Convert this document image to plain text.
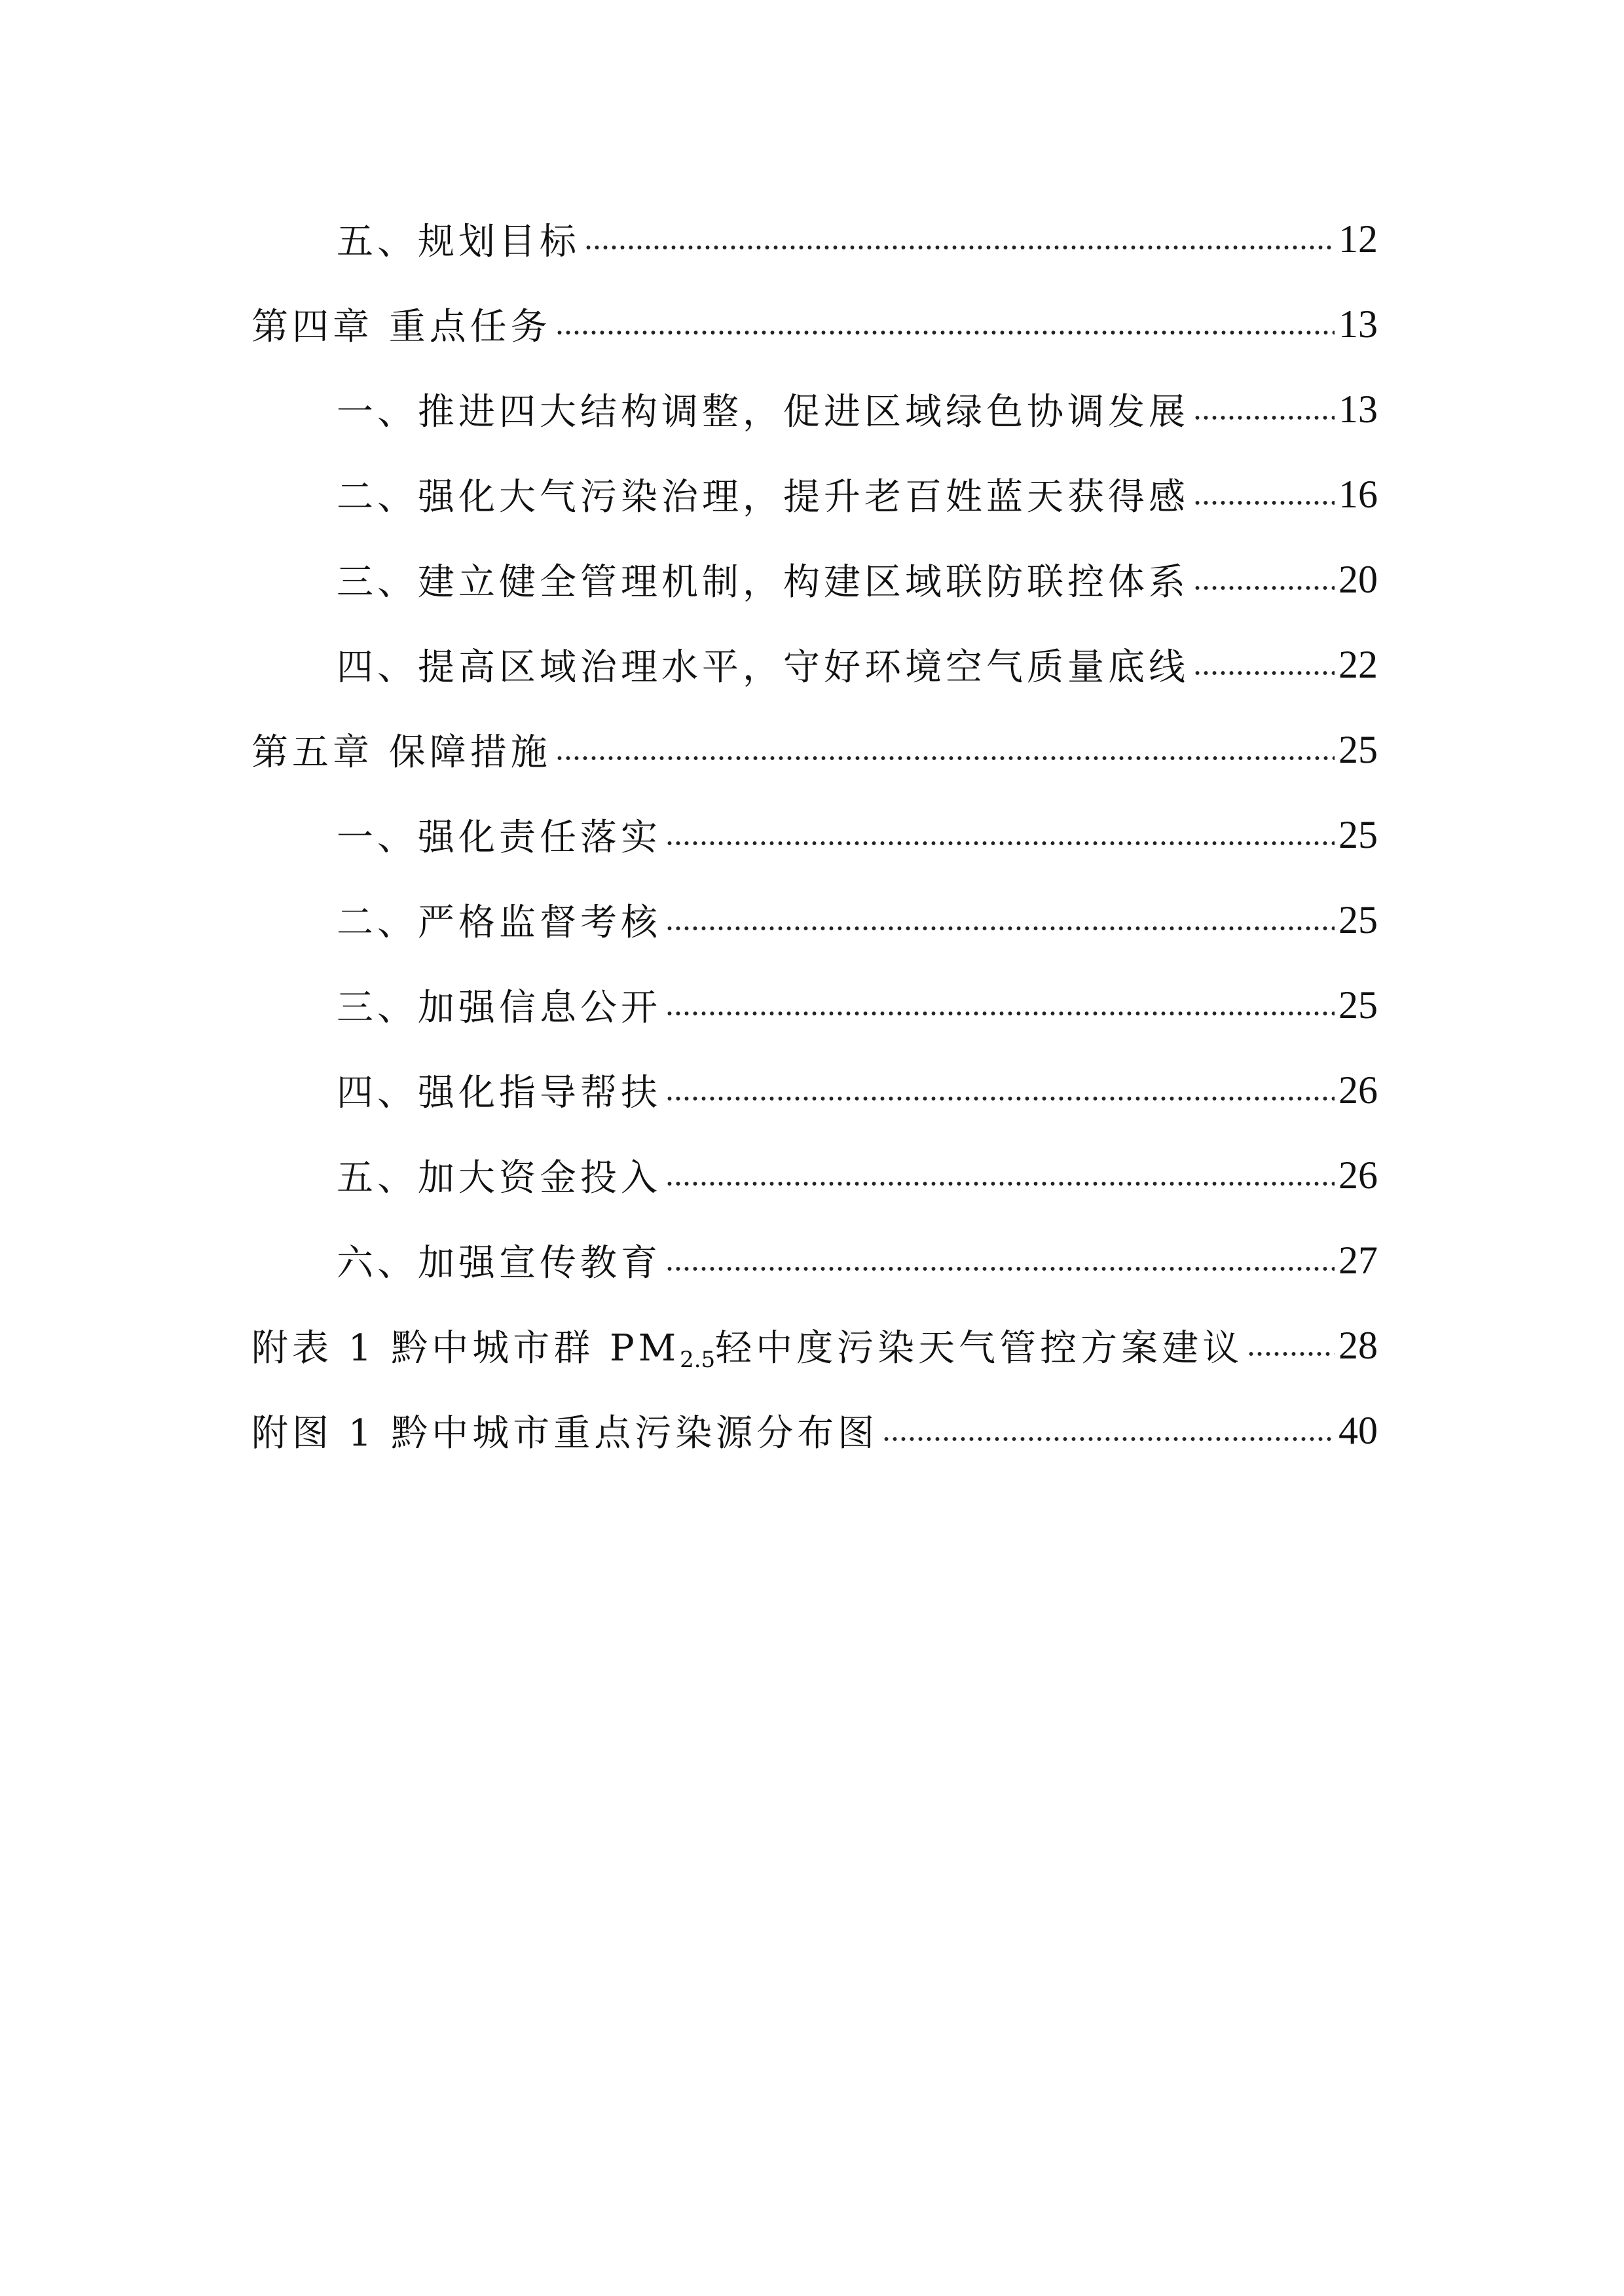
五、规划目标	12
第四章 重点任务	13
一、推进四大结构调整，促进区域绿色协调发展	13
二、强化大气污染治理，提升老百姓蓝天获得感	16
三、建立健全管理机制，构建区域联防联控体系	20
四、提高区域治理水平，守好环境空气质量底线	22
第五章 保障措施	25
一、强化责任落实	25
二、严格监督考核	25
三、加强信息公开	25
四、强化指导帮扶	26
五、加大资金投入	26
六、加强宣传教育	27
附表 1 黔中城市群 PM2.5轻中度污染天气管控方案建议 28
附图 1 黔中城市重点污染源分布图	40
